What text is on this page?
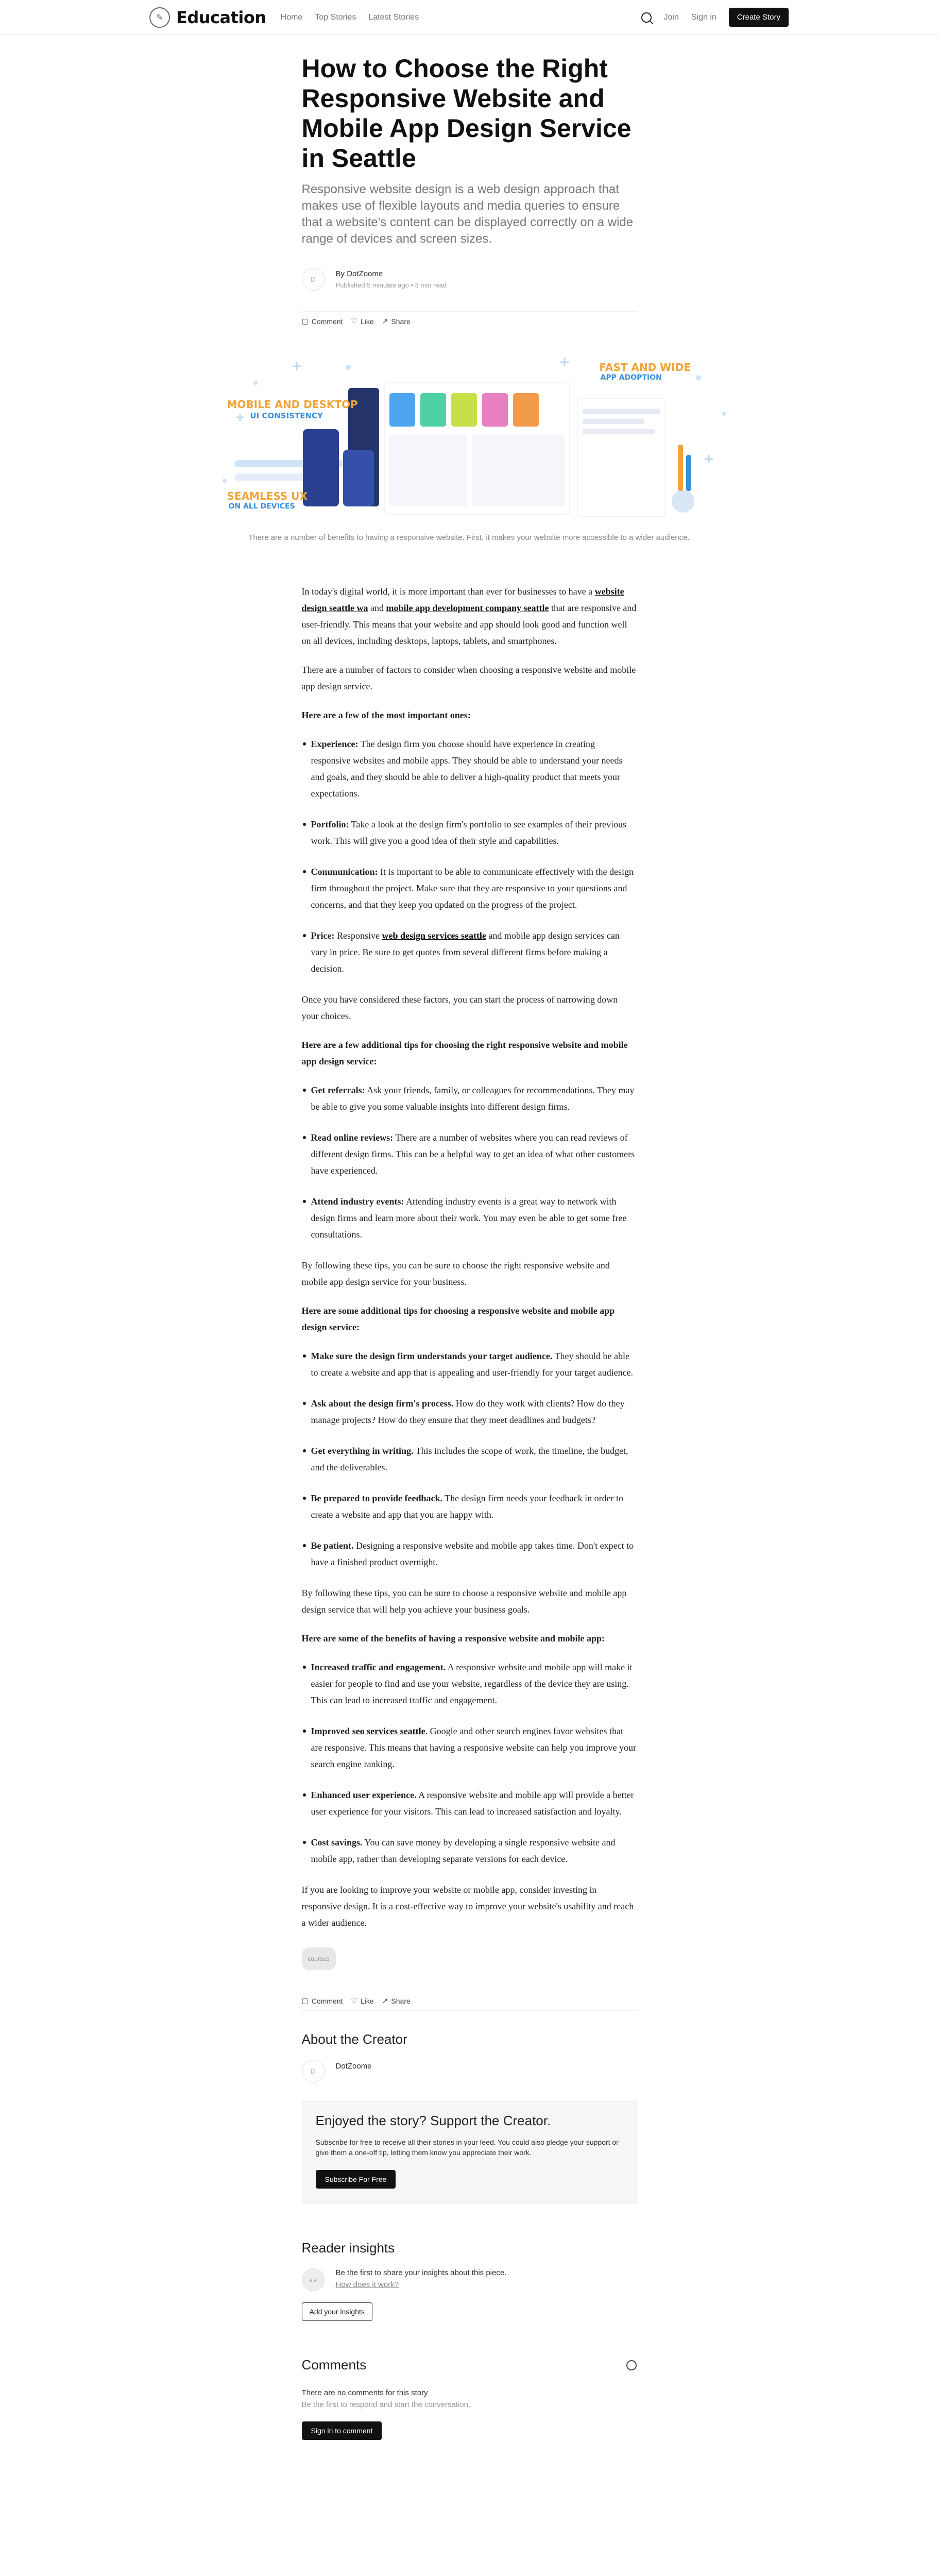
✎ Education Home Top Stories Latest Stories	Join Sign in	Create Story
How to Choose the Right Responsive Website and Mobile App Design Service in Seattle
Responsive website design is a web design approach that makes use of flexible layouts and media queries to ensure that a website's content can be displayed correctly on a wide range of devices and screen sizes.
D
By DotZoome
Published 5 minutes ago • 3 min read
▢ Comment ♡ Like ↗ Share
MOBILE AND DESKTOP
UI CONSISTENCY
SEAMLESS UX
ON ALL DEVICES
FAST AND WIDE
APP ADOPTION
There are a number of benefits to having a responsive website. First, it makes your website more accessible to a wider audience.

In today's digital world, it is more important than ever for businesses to have a website design seattle wa and mobile app development company seattle that are responsive and user-friendly. This means that your website and app should look good and function well on all devices, including desktops, laptops, tablets, and smartphones.

There are a number of factors to consider when choosing a responsive website and mobile app design service.

Here are a few of the most important ones:

Experience: The design firm you choose should have experience in creating responsive websites and mobile apps. They should be able to understand your needs and goals, and they should be able to deliver a high-quality product that meets your expectations.
Portfolio: Take a look at the design firm's portfolio to see examples of their previous work. This will give you a good idea of their style and capabilities.
Communication: It is important to be able to communicate effectively with the design firm throughout the project. Make sure that they are responsive to your questions and concerns, and that they keep you updated on the progress of the project.
Price: Responsive web design services seattle and mobile app design services can vary in price. Be sure to get quotes from several different firms before making a decision.

Once you have considered these factors, you can start the process of narrowing down your choices.

Here are a few additional tips for choosing the right responsive website and mobile app design service:

Get referrals: Ask your friends, family, or colleagues for recommendations. They may be able to give you some valuable insights into different design firms.
Read online reviews: There are a number of websites where you can read reviews of different design firms. This can be a helpful way to get an idea of what other customers have experienced.
Attend industry events: Attending industry events is a great way to network with design firms and learn more about their work. You may even be able to get some free consultations.

By following these tips, you can be sure to choose the right responsive website and mobile app design service for your business.

Here are some additional tips for choosing a responsive website and mobile app design service:

Make sure the design firm understands your target audience. They should be able to create a website and app that is appealing and user-friendly for your target audience.
Ask about the design firm's process. How do they work with clients? How do they manage projects? How do they ensure that they meet deadlines and budgets?
Get everything in writing. This includes the scope of work, the timeline, the budget, and the deliverables.
Be prepared to provide feedback. The design firm needs your feedback in order to create a website and app that you are happy with.
Be patient. Designing a responsive website and mobile app takes time. Don't expect to have a finished product overnight.

By following these tips, you can be sure to choose a responsive website and mobile app design service that will help you achieve your business goals.

Here are some of the benefits of having a responsive website and mobile app:

Increased traffic and engagement. A responsive website and mobile app will make it easier for people to find and use your website, regardless of the device they are using. This can lead to increased traffic and engagement.
Improved seo services seattle. Google and other search engines favor websites that are responsive. This means that having a responsive website can help you improve your search engine ranking.
Enhanced user experience. A responsive website and mobile app will provide a better user experience for your visitors. This can lead to increased satisfaction and loyalty.
Cost savings. You can save money by developing a single responsive website and mobile app, rather than developing separate versions for each device.

If you are looking to improve your website or mobile app, consider investing in responsive design. It is a cost-effective way to improve your website's usability and reach a wider audience.

courses
▢ Comment ♡ Like ↗ Share
About the Creator
D
DotZoome
Enjoyed the story? Support the Creator.

Subscribe for free to receive all their stories in your feed. You could also pledge your support or give them a one-off tip, letting them know you appreciate their work.

Subscribe For Free
Reader insights
◕◕
Be the first to share your insights about this piece.
How does it work?
Add your insights
Comments
There are no comments for this story
Be the first to respond and start the conversation.
Sign in to comment
